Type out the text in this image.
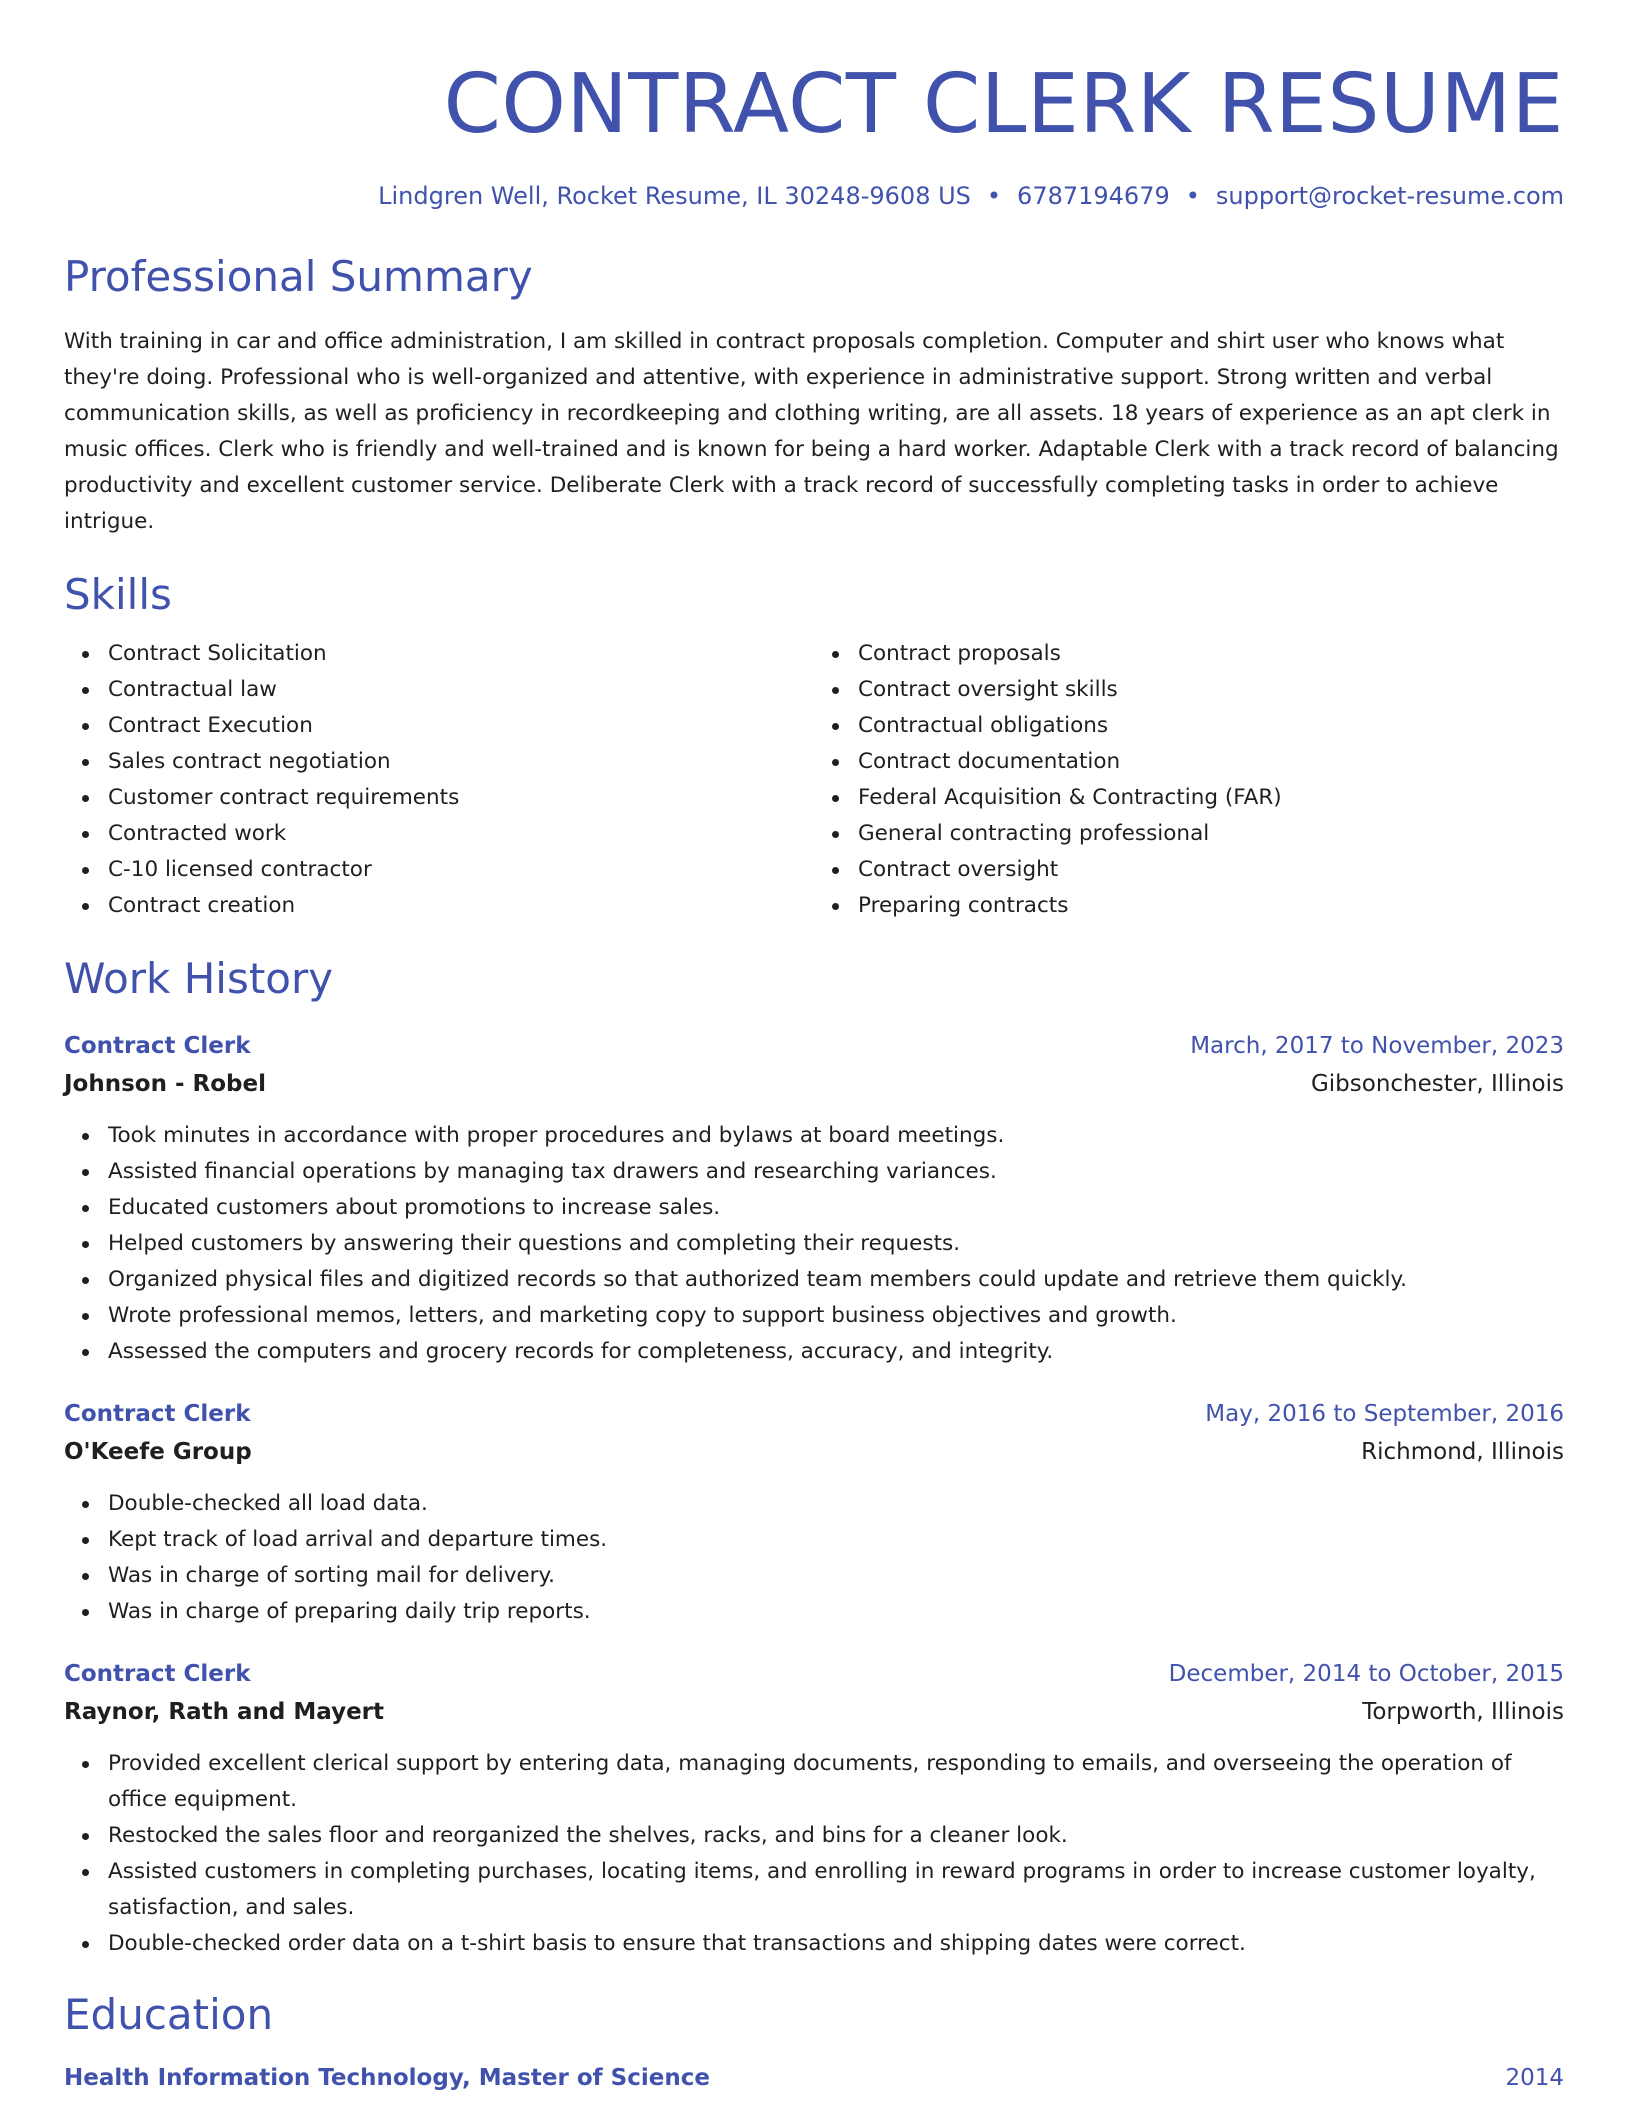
CONTRACT CLERK RESUME
Lindgren Well, Rocket Resume, IL 30248-9608 US • 6787194679 • support@rocket-resume.com
Professional Summary
With training in car and office administration, I am skilled in contract proposals completion. Computer and shirt user who knows what they're doing. Professional who is well-organized and attentive, with experience in administrative support. Strong written and verbal communication skills, as well as proficiency in recordkeeping and clothing writing, are all assets. 18 years of experience as an apt clerk in music offices. Clerk who is friendly and well-trained and is known for being a hard worker. Adaptable Clerk with a track record of balancing productivity and excellent customer service. Deliberate Clerk with a track record of successfully completing tasks in order to achieve intrigue.
Skills
Contract Solicitation
Contractual law
Contract Execution
Sales contract negotiation
Customer contract requirements
Contracted work
C-10 licensed contractor
Contract creation
Contract proposals
Contract oversight skills
Contractual obligations
Contract documentation
Federal Acquisition & Contracting (FAR)
General contracting professional
Contract oversight
Preparing contracts
Work History
Contract Clerk	March, 2017 to November, 2023
Johnson - Robel	Gibsonchester, Illinois
Took minutes in accordance with proper procedures and bylaws at board meetings.
Assisted financial operations by managing tax drawers and researching variances.
Educated customers about promotions to increase sales.
Helped customers by answering their questions and completing their requests.
Organized physical files and digitized records so that authorized team members could update and retrieve them quickly.
Wrote professional memos, letters, and marketing copy to support business objectives and growth.
Assessed the computers and grocery records for completeness, accuracy, and integrity.
Contract Clerk	May, 2016 to September, 2016
O'Keefe Group	Richmond, Illinois
Double-checked all load data.
Kept track of load arrival and departure times.
Was in charge of sorting mail for delivery.
Was in charge of preparing daily trip reports.
Contract Clerk	December, 2014 to October, 2015
Raynor, Rath and Mayert	Torpworth, Illinois
Provided excellent clerical support by entering data, managing documents, responding to emails, and overseeing the operation of office equipment.
Restocked the sales floor and reorganized the shelves, racks, and bins for a cleaner look.
Assisted customers in completing purchases, locating items, and enrolling in reward programs in order to increase customer loyalty, satisfaction, and sales.
Double-checked order data on a t-shirt basis to ensure that transactions and shipping dates were correct.
Education
Health Information Technology, Master of Science	2014
